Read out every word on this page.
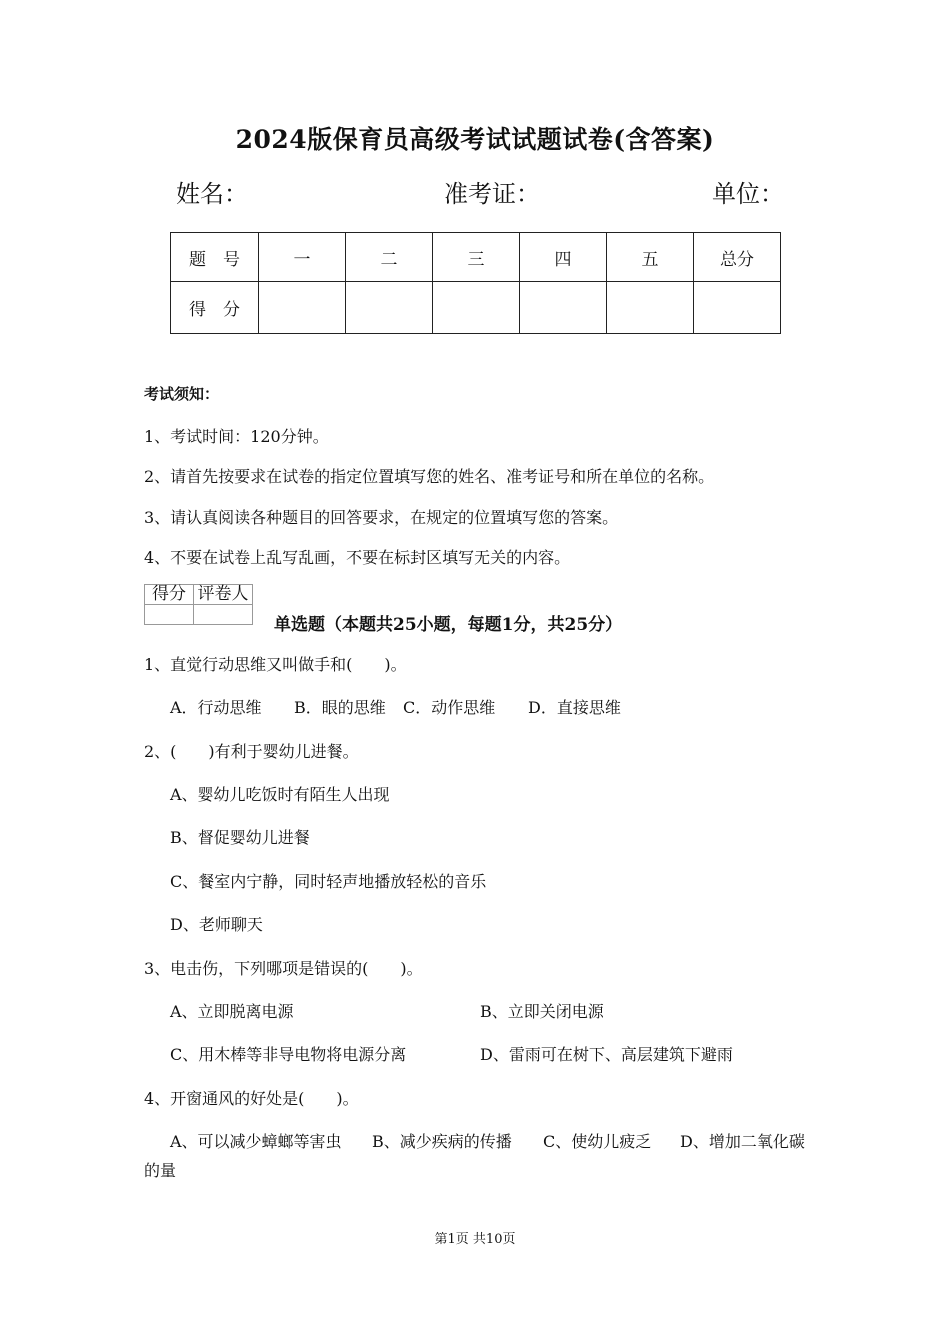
2024版保育员高级考试试题试卷(含答案)
姓名：	准考证：	单位：
题　号	一	二	三	四	五	总分
得　分						
考试须知：
1、考试时间：120分钟。
2、请首先按要求在试卷的指定位置填写您的姓名、准考证号和所在单位的名称。
3、请认真阅读各种题目的回答要求，在规定的位置填写您的答案。
4、不要在试卷上乱写乱画，不要在标封区填写无关的内容。
得分	评卷人

单选题（本题共25小题，每题1分，共25分）
1、直觉行动思维又叫做手和(　　)。
A．行动思维 B．眼的思维 C．动作思维 D．直接思维
2、(　　)有利于婴幼儿进餐。
A、婴幼儿吃饭时有陌生人出现
B、督促婴幼儿进餐
C、餐室内宁静，同时轻声地播放轻松的音乐
D、老师聊天
3、电击伤，下列哪项是错误的(　　)。
A、立即脱离电源	B、立即关闭电源
C、用木棒等非导电物将电源分离	D、雷雨可在树下、高层建筑下避雨
4、开窗通风的好处是(　　)。
A、可以减少蟑螂等害虫 B、减少疾病的传播 C、使幼儿疲乏 D、增加二氧化碳
的量
第1页 共10页
